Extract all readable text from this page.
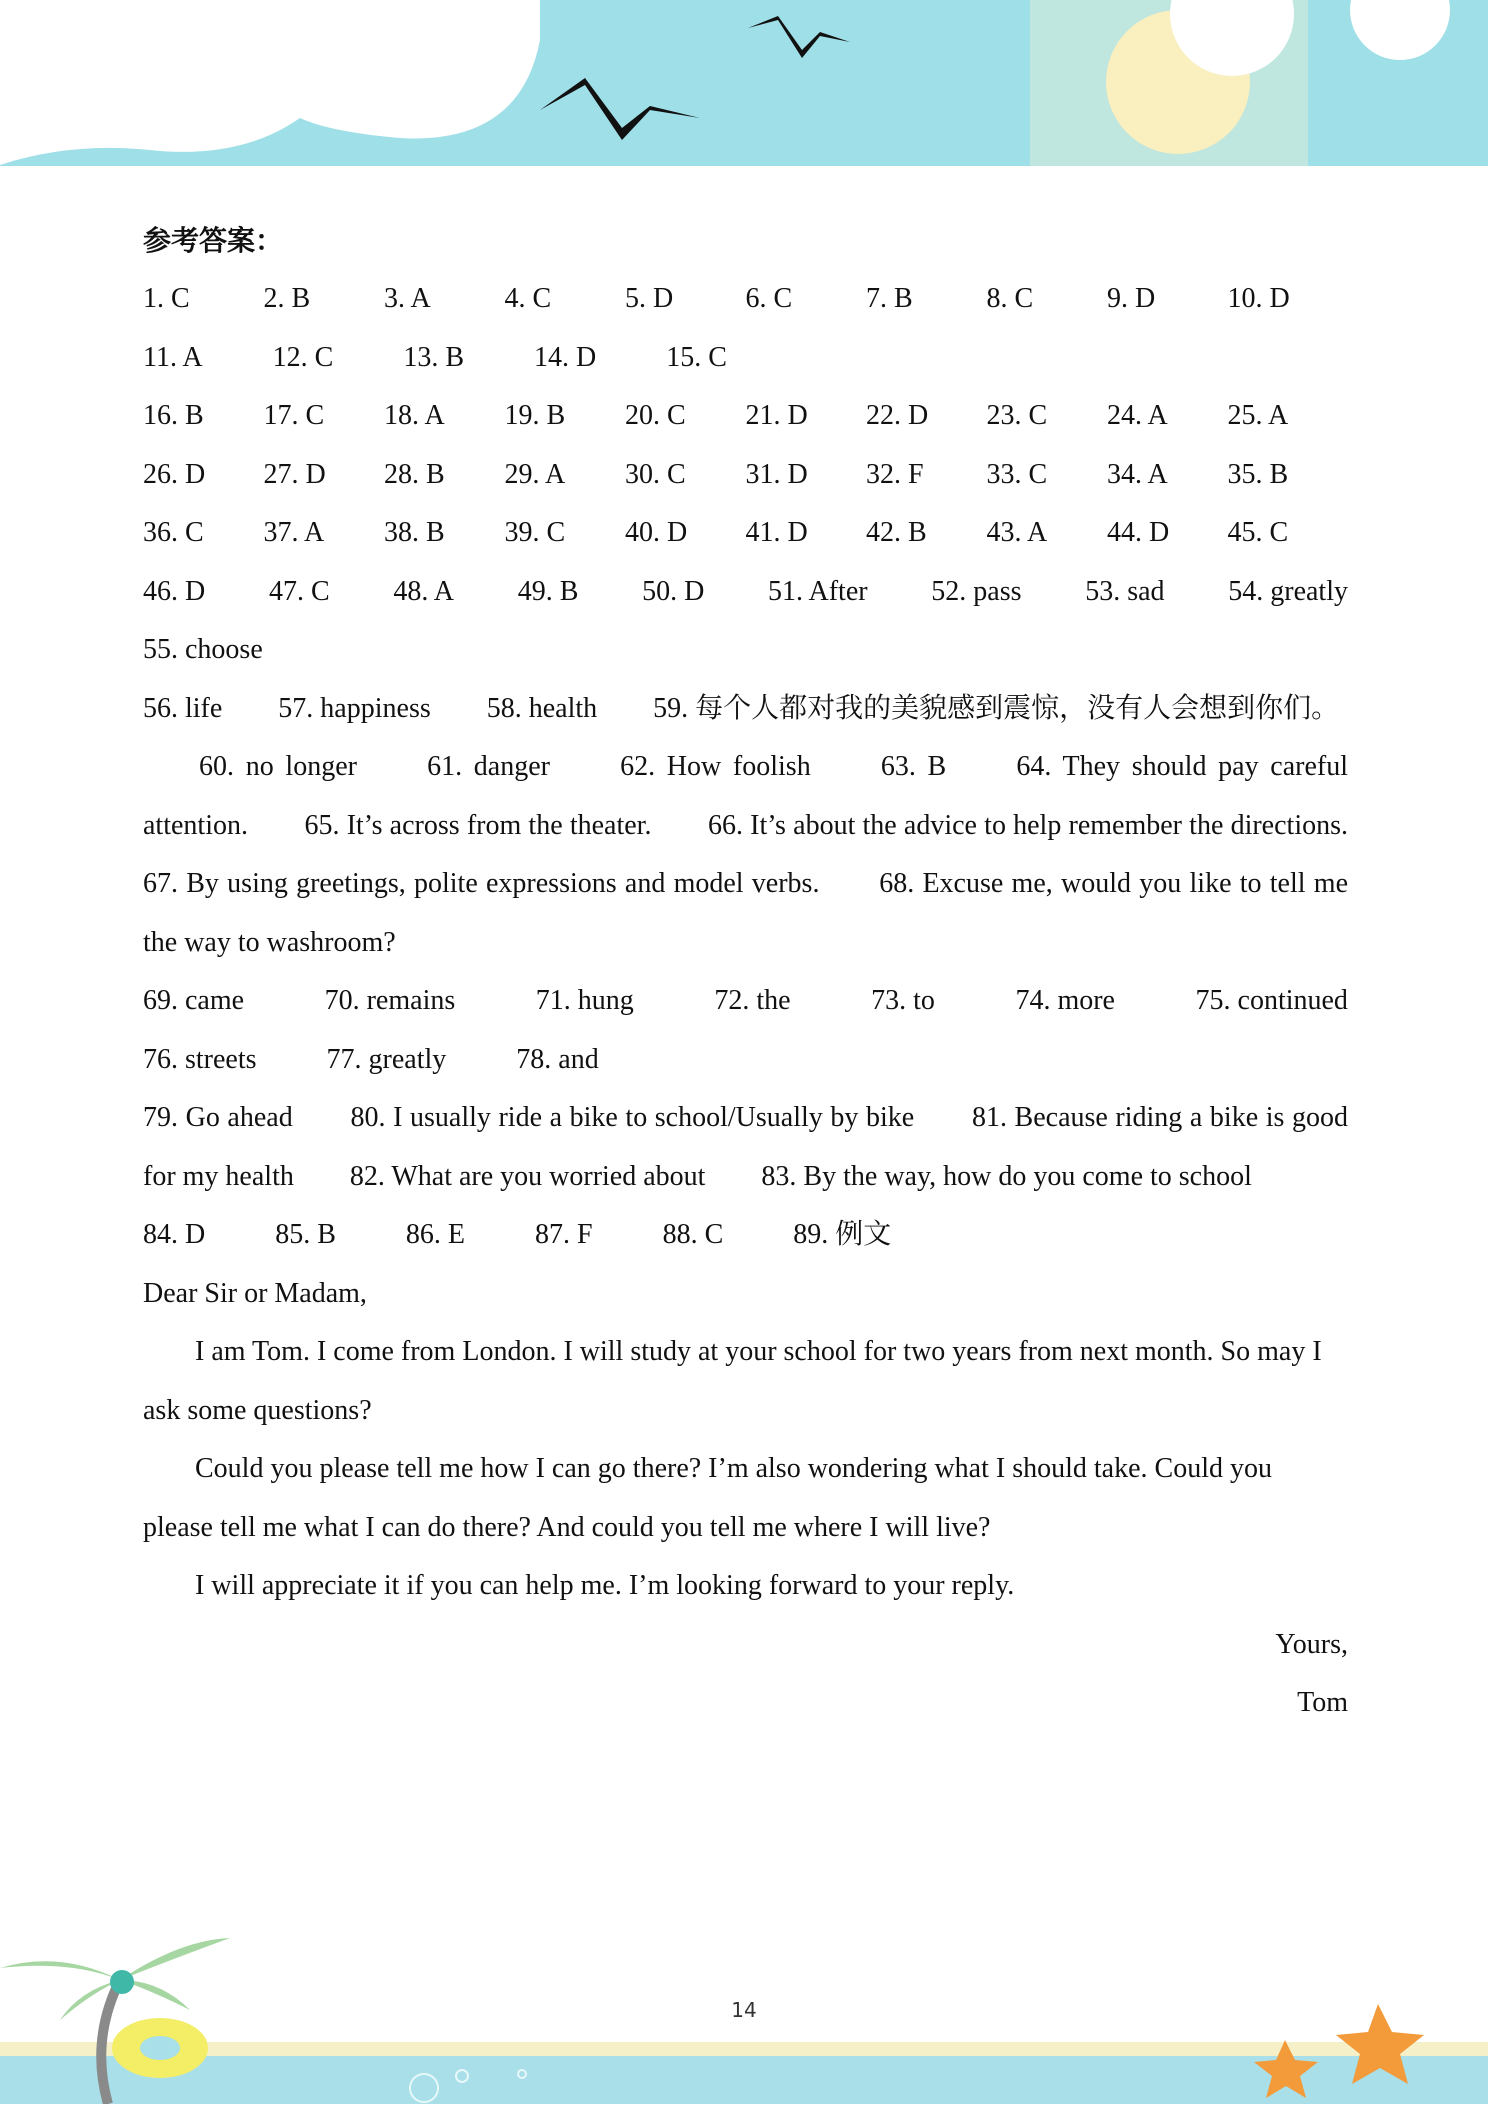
参考答案：
1. C	2. B	3. A	4. C	5. D	6. C	7. B	8. C	9. D	10. D
11. A	12. C	13. B	14. D	15. C
16. B	17. C	18. A	19. B	20. C	21. D	22. D	23. C	24. A	25. A
26. D	27. D	28. B	29. A	30. C	31. D	32. F	33. C	34. A	35. B
36. C	37. A	38. B	39. C	40. D	41. D	42. B	43. A	44. D	45. C
46. D 47. C 48. A 49. B 50. D 51. After 52. pass 53. sad 54. greatly
55. choose

56. life　　57. happiness　　58. health　　59. 每个人都对我的美貌感到震惊，没有人会想到你们。

60. no longer　　61. danger　　62. How foolish　　63. B　　64. They should pay careful attention.　　65. It’s across from the theater.　　66. It’s about the advice to help remember the directions.　　67. By using greetings, polite expressions and model verbs.　　68. Excuse me, would you like to tell me the way to washroom?

69. came	70. remains	71. hung	72. the	73. to	74. more	75. continued
76. streets	77. greatly	78. and

79. Go ahead　　80. I usually ride a bike to school/Usually by bike　　81. Because riding a bike is good for my health　　82. What are you worried about　　83. By the way, how do you come to school

84. D	85. B	86. E	87. F	88. C	89. 例文

Dear Sir or Madam,

I am Tom. I come from London. I will study at your school for two years from next month. So may I ask some questions?

Could you please tell me how I can go there? I’m also wondering what I should take. Could you please tell me what I can do there? And could you tell me where I will live?

I will appreciate it if you can help me. I’m looking forward to your reply.

Yours,

Tom

14
